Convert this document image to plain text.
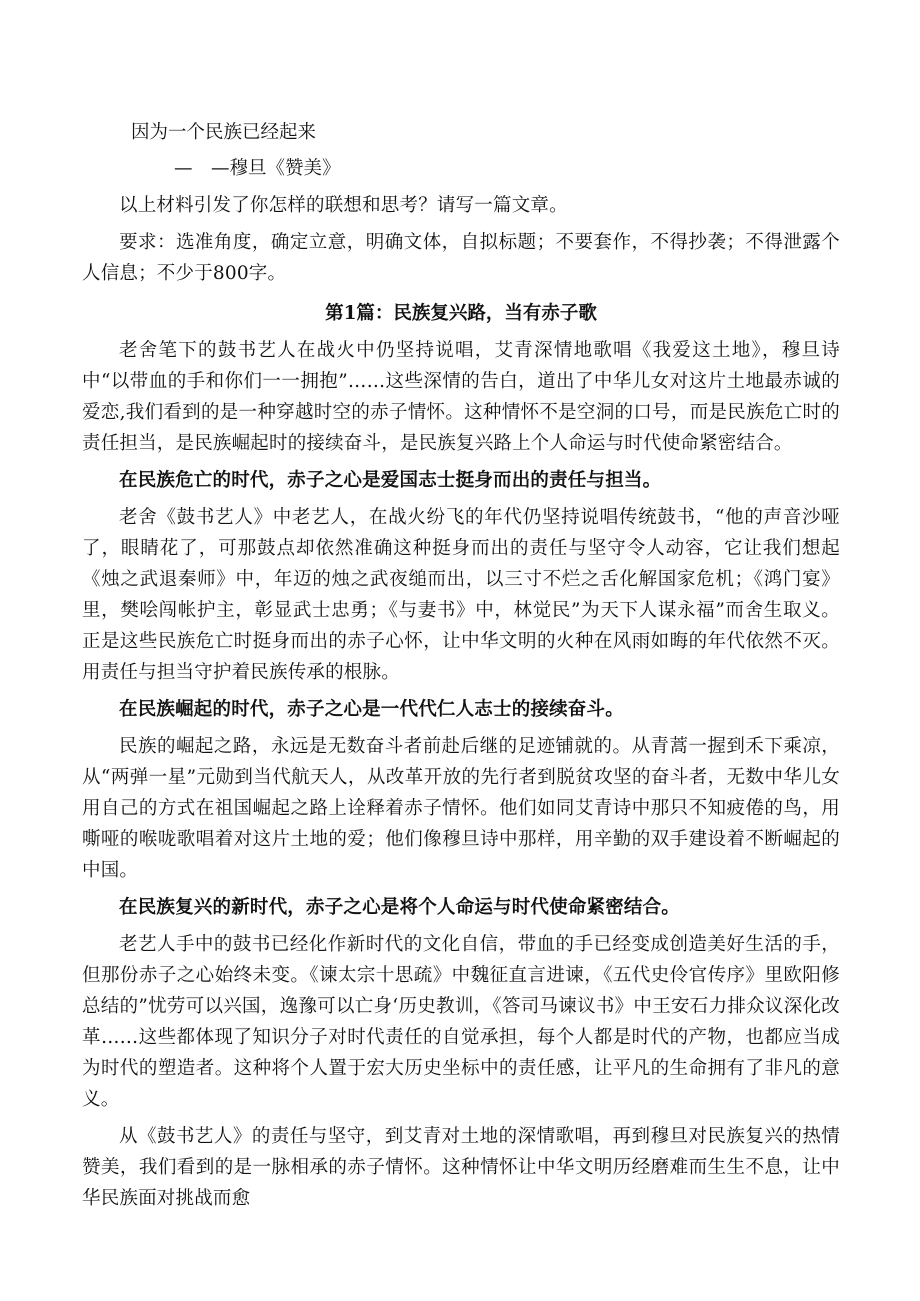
因为一个民族已经起来

—　—穆旦《赞美》

以上材料引发了你怎样的联想和思考？请写一篇文章。

要求：选准角度，确定立意，明确文体，自拟标题；不要套作，不得抄袭；不得泄露个人信息；不少于800字。

第1篇：民族复兴路，当有赤子歌

老舍笔下的鼓书艺人在战火中仍坚持说唱，艾青深情地歌唱《我爱这土地》，穆旦诗中“以带血的手和你们一一拥抱”……这些深情的告白，道出了中华儿女对这片土地最赤诚的爱恋,我们看到的是一种穿越时空的赤子情怀。这种情怀不是空洞的口号，而是民族危亡时的责任担当，是民族崛起时的接续奋斗，是民族复兴路上个人命运与时代使命紧密结合。

在民族危亡的时代，赤子之心是爱国志士挺身而出的责任与担当。

老舍《鼓书艺人》中老艺人，在战火纷飞的年代仍坚持说唱传统鼓书，“他的声音沙哑了，眼睛花了，可那鼓点却依然准确这种挺身而出的责任与坚守令人动容，它让我们想起《烛之武退秦师》中，年迈的烛之武夜缒而出，以三寸不烂之舌化解国家危机；《鸿门宴》里，樊哙闯帐护主，彰显武士忠勇；《与妻书》中，林觉民”为天下人谋永福”而舍生取义。正是这些民族危亡时挺身而出的赤子心怀，让中华文明的火种在风雨如晦的年代依然不灭。用责任与担当守护着民族传承的根脉。

在民族崛起的时代，赤子之心是一代代仁人志士的接续奋斗。

民族的崛起之路，永远是无数奋斗者前赴后继的足迹铺就的。从青蒿一握到禾下乘凉，从“两弹一星”元勋到当代航天人，从改革开放的先行者到脱贫攻坚的奋斗者，无数中华儿女用自己的方式在祖国崛起之路上诠释着赤子情怀。他们如同艾青诗中那只不知疲倦的鸟，用嘶哑的喉咙歌唱着对这片土地的爱；他们像穆旦诗中那样，用辛勤的双手建设着不断崛起的中国。

在民族复兴的新时代，赤子之心是将个人命运与时代使命紧密结合。

老艺人手中的鼓书已经化作新时代的文化自信，带血的手已经变成创造美好生活的手，但那份赤子之心始终未变。《谏太宗十思疏》中魏征直言进谏，《五代史伶官传序》里欧阳修总结的”忧劳可以兴国，逸豫可以亡身‘历史教训，《答司马谏议书》中王安石力排众议深化改革……这些都体现了知识分子对时代责任的自觉承担，每个人都是时代的产物，也都应当成为时代的塑造者。这种将个人置于宏大历史坐标中的责任感，让平凡的生命拥有了非凡的意义。

从《鼓书艺人》的责任与坚守，到艾青对土地的深情歌唱，再到穆旦对民族复兴的热情赞美，我们看到的是一脉相承的赤子情怀。这种情怀让中华文明历经磨难而生生不息，让中华民族面对挑战而愈
